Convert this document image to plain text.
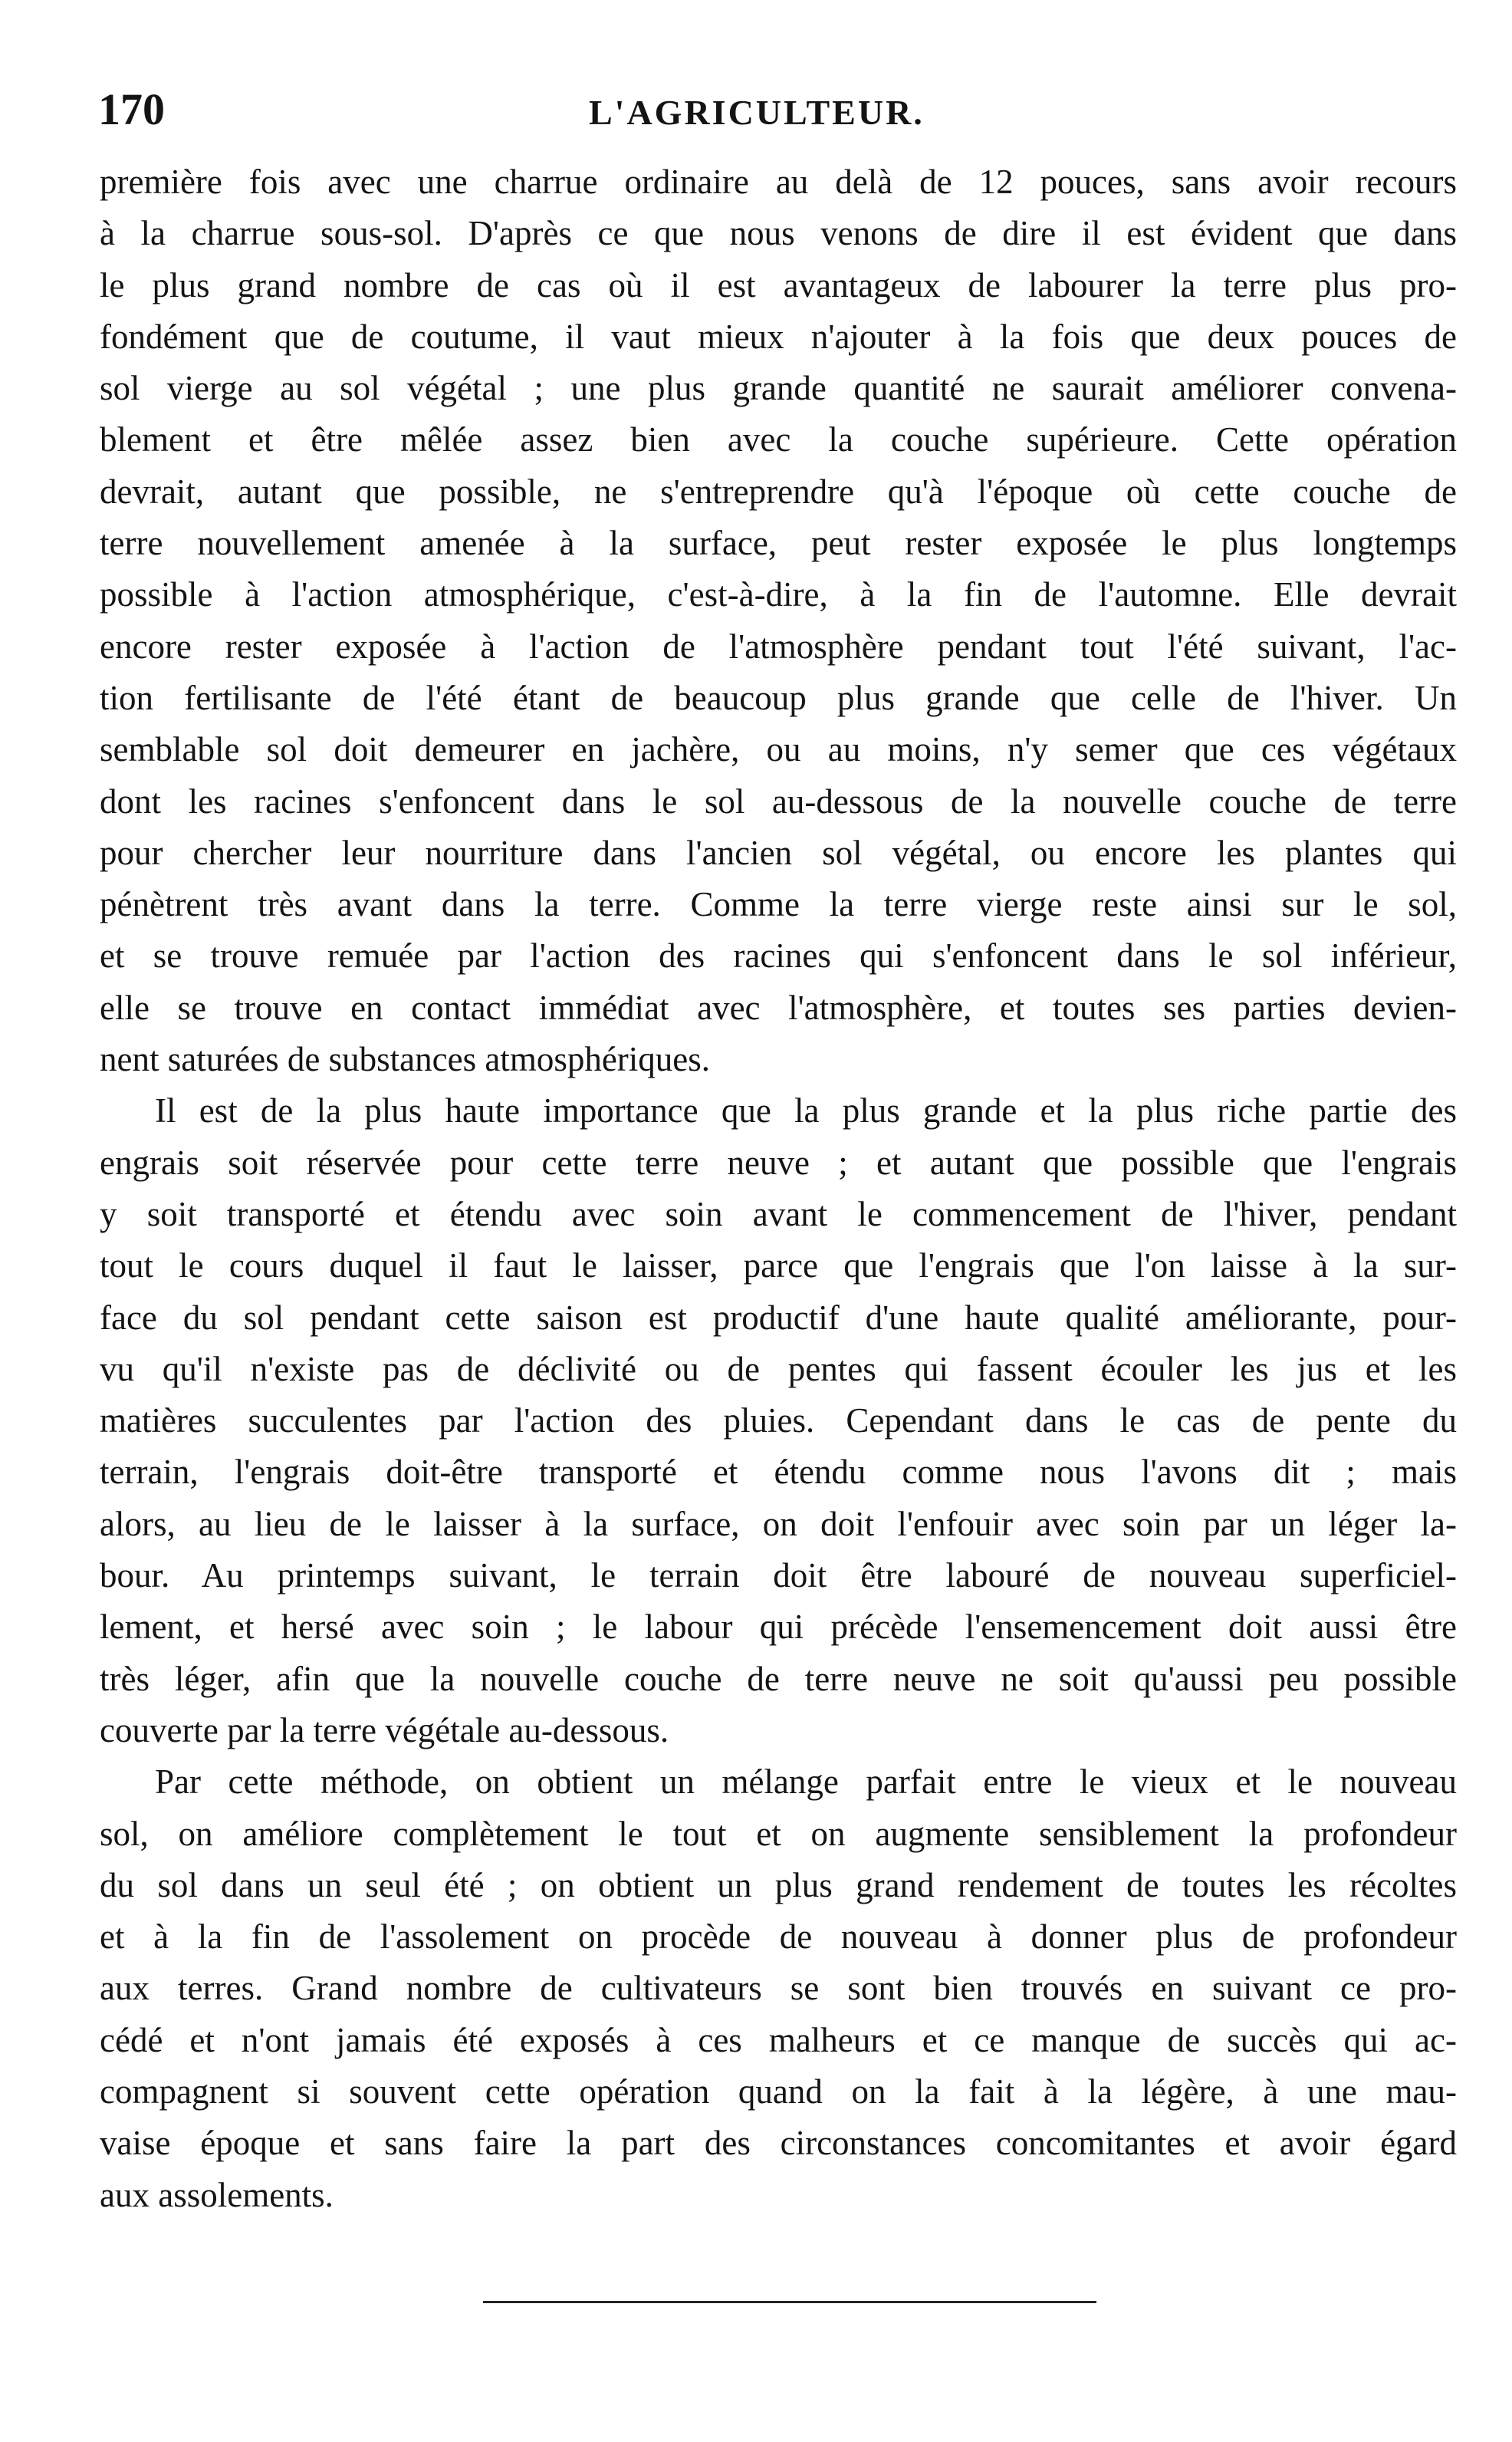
170	L'AGRICULTEUR.

première fois avec une charrue ordinaire au delà de 12 pouces, sans avoir recours
à la charrue sous-sol. D'après ce que nous venons de dire il est évident que dans
le plus grand nombre de cas où il est avantageux de labourer la terre plus pro-
fondément que de coutume, il vaut mieux n'ajouter à la fois que deux pouces de
sol vierge au sol végétal ; une plus grande quantité ne saurait améliorer convena-
blement et être mêlée assez bien avec la couche supérieure. Cette opération
devrait, autant que possible, ne s'entreprendre qu'à l'époque où cette couche de
terre nouvellement amenée à la surface, peut rester exposée le plus longtemps
possible à l'action atmosphérique, c'est-à-dire, à la fin de l'automne. Elle devrait
encore rester exposée à l'action de l'atmosphère pendant tout l'été suivant, l'ac-
tion fertilisante de l'été étant de beaucoup plus grande que celle de l'hiver. Un
semblable sol doit demeurer en jachère, ou au moins, n'y semer que ces végétaux
dont les racines s'enfoncent dans le sol au-dessous de la nouvelle couche de terre
pour chercher leur nourriture dans l'ancien sol végétal, ou encore les plantes qui
pénètrent très avant dans la terre. Comme la terre vierge reste ainsi sur le sol,
et se trouve remuée par l'action des racines qui s'enfoncent dans le sol inférieur,
elle se trouve en contact immédiat avec l'atmosphère, et toutes ses parties devien-
nent saturées de substances atmosphériques.

Il est de la plus haute importance que la plus grande et la plus riche partie des
engrais soit réservée pour cette terre neuve ; et autant que possible que l'engrais
y soit transporté et étendu avec soin avant le commencement de l'hiver, pendant
tout le cours duquel il faut le laisser, parce que l'engrais que l'on laisse à la sur-
face du sol pendant cette saison est productif d'une haute qualité améliorante, pour-
vu qu'il n'existe pas de déclivité ou de pentes qui fassent écouler les jus et les
matières succulentes par l'action des pluies. Cependant dans le cas de pente du
terrain, l'engrais doit-être transporté et étendu comme nous l'avons dit ; mais
alors, au lieu de le laisser à la surface, on doit l'enfouir avec soin par un léger la-
bour. Au printemps suivant, le terrain doit être labouré de nouveau superficiel-
lement, et hersé avec soin ; le labour qui précède l'ensemencement doit aussi être
très léger, afin que la nouvelle couche de terre neuve ne soit qu'aussi peu possible
couverte par la terre végétale au-dessous.

Par cette méthode, on obtient un mélange parfait entre le vieux et le nouveau
sol, on améliore complètement le tout et on augmente sensiblement la profondeur
du sol dans un seul été ; on obtient un plus grand rendement de toutes les récoltes
et à la fin de l'assolement on procède de nouveau à donner plus de profondeur
aux terres. Grand nombre de cultivateurs se sont bien trouvés en suivant ce pro-
cédé et n'ont jamais été exposés à ces malheurs et ce manque de succès qui ac-
compagnent si souvent cette opération quand on la fait à la légère, à une mau-
vaise époque et sans faire la part des circonstances concomitantes et avoir égard
aux assolements.
